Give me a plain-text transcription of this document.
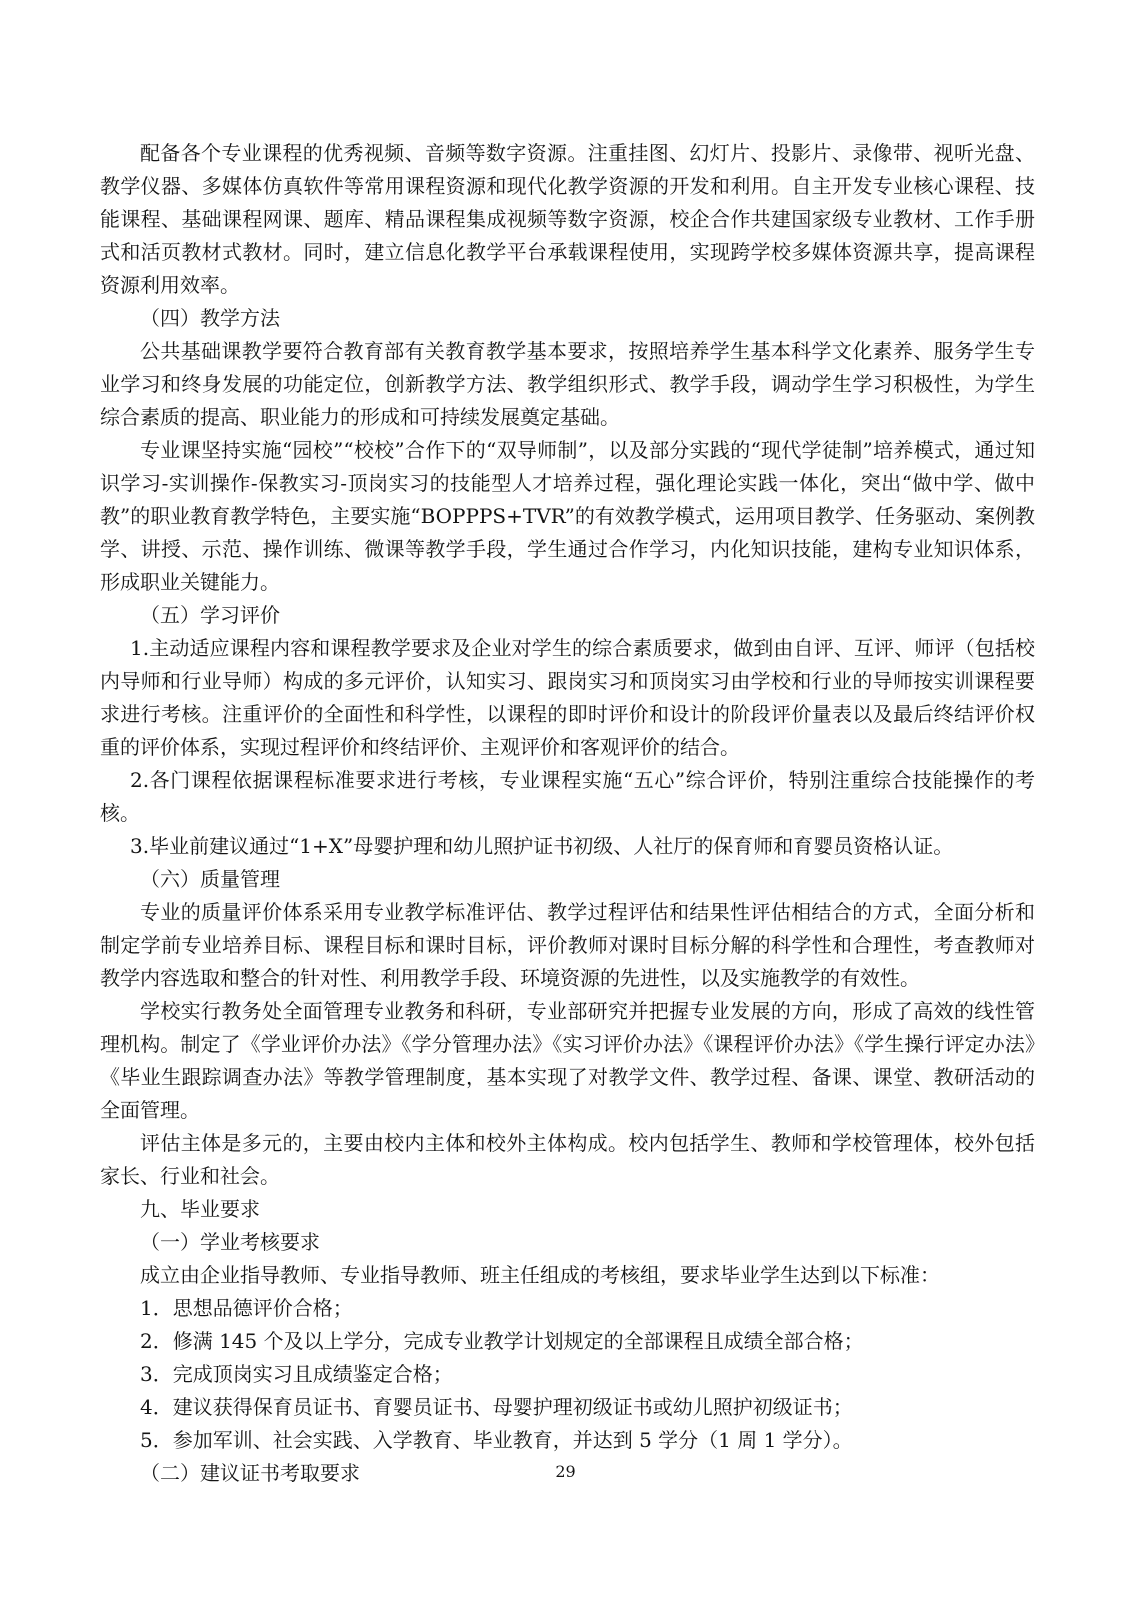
配备各个专业课程的优秀视频、音频等数字资源。注重挂图、幻灯片、投影片、录像带、视听光盘、教学仪器、多媒体仿真软件等常用课程资源和现代化教学资源的开发和利用。自主开发专业核心课程、技能课程、基础课程网课、题库、精品课程集成视频等数字资源，校企合作共建国家级专业教材、工作手册式和活页教材式教材。同时，建立信息化教学平台承载课程使用，实现跨学校多媒体资源共享，提高课程资源利用效率。

（四）教学方法

公共基础课教学要符合教育部有关教育教学基本要求，按照培养学生基本科学文化素养、服务学生专业学习和终身发展的功能定位，创新教学方法、教学组织形式、教学手段，调动学生学习积极性，为学生综合素质的提高、职业能力的形成和可持续发展奠定基础。

专业课坚持实施“园校”“校校”合作下的“双导师制”，以及部分实践的“现代学徒制”培养模式，通过知识学习-实训操作-保教实习-顶岗实习的技能型人才培养过程，强化理论实践一体化，突出“做中学、做中教”的职业教育教学特色，主要实施“BOPPPS+TVR”的有效教学模式，运用项目教学、任务驱动、案例教学、讲授、示范、操作训练、微课等教学手段，学生通过合作学习，内化知识技能，建构专业知识体系，形成职业关键能力。

（五）学习评价

1.主动适应课程内容和课程教学要求及企业对学生的综合素质要求，做到由自评、互评、师评（包括校内导师和行业导师）构成的多元评价，认知实习、跟岗实习和顶岗实习由学校和行业的导师按实训课程要求进行考核。注重评价的全面性和科学性，以课程的即时评价和设计的阶段评价量表以及最后终结评价权重的评价体系，实现过程评价和终结评价、主观评价和客观评价的结合。

2.各门课程依据课程标准要求进行考核，专业课程实施“五心”综合评价，特别注重综合技能操作的考核。

3.毕业前建议通过“1+X”母婴护理和幼儿照护证书初级、人社厅的保育师和育婴员资格认证。

（六）质量管理

专业的质量评价体系采用专业教学标准评估、教学过程评估和结果性评估相结合的方式，全面分析和制定学前专业培养目标、课程目标和课时目标，评价教师对课时目标分解的科学性和合理性，考查教师对教学内容选取和整合的针对性、利用教学手段、环境资源的先进性，以及实施教学的有效性。

学校实行教务处全面管理专业教务和科研，专业部研究并把握专业发展的方向，形成了高效的线性管理机构。制定了《学业评价办法》《学分管理办法》《实习评价办法》《课程评价办法》《学生操行评定办法》《毕业生跟踪调查办法》等教学管理制度，基本实现了对教学文件、教学过程、备课、课堂、教研活动的全面管理。

评估主体是多元的，主要由校内主体和校外主体构成。校内包括学生、教师和学校管理体，校外包括家长、行业和社会。

九、毕业要求

（一）学业考核要求

成立由企业指导教师、专业指导教师、班主任组成的考核组，要求毕业学生达到以下标准：

1．思想品德评价合格；

2．修满 145 个及以上学分，完成专业教学计划规定的全部课程且成绩全部合格；

3．完成顶岗实习且成绩鉴定合格；

4．建议获得保育员证书、育婴员证书、母婴护理初级证书或幼儿照护初级证书；

5．参加军训、社会实践、入学教育、毕业教育，并达到 5 学分（1 周 1 学分）。

（二）建议证书考取要求	29
